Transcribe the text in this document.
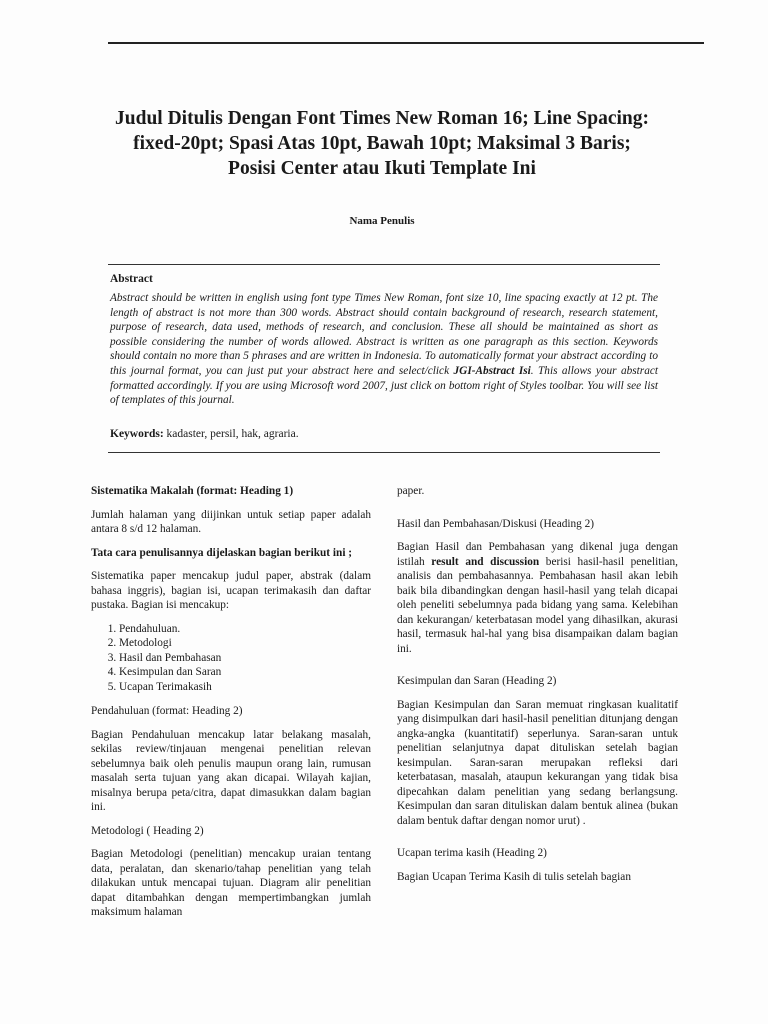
Judul Ditulis Dengan Font Times New Roman 16; Line Spacing: fixed-20pt; Spasi Atas 10pt, Bawah 10pt; Maksimal 3 Baris; Posisi Center atau Ikuti Template Ini
Nama Penulis
Abstract
Abstract should be written in english using font type Times New Roman, font size 10, line spacing exactly at 12 pt. The length of abstract is not more than 300 words. Abstract should contain background of research, research statement, purpose of research, data used, methods of research, and conclusion. These all should be maintained as short as possible considering the number of words allowed. Abstract is written as one paragraph as this section. Keywords should contain no more than 5 phrases and are written in Indonesia. To automatically format your abstract according to this journal format, you can just put your abstract here and select/click JGI-Abstract Isi. This allows your abstract formatted accordingly. If you are using Microsoft word 2007, just click on bottom right of Styles toolbar. You will see list of templates of this journal.
Keywords: kadaster, persil, hak, agraria.

Sistematika Makalah (format: Heading 1)

Jumlah halaman yang diijinkan untuk setiap paper adalah antara 8 s/d 12 halaman.

Tata cara penulisannya dijelaskan bagian berikut ini ;

Sistematika paper mencakup judul paper, abstrak (dalam bahasa inggris), bagian isi, ucapan terimakasih dan daftar pustaka. Bagian isi mencakup:

1. Pendahuluan.
2. Metodologi
3. Hasil dan Pembahasan
4. Kesimpulan dan Saran
5. Ucapan Terimakasih

Pendahuluan (format: Heading 2)

Bagian Pendahuluan mencakup latar belakang masalah, sekilas review/tinjauan mengenai penelitian relevan sebelumnya baik oleh penulis maupun orang lain, rumusan masalah serta tujuan yang akan dicapai. Wilayah kajian, misalnya berupa peta/citra, dapat dimasukkan dalam bagian ini.

Metodologi ( Heading 2)

Bagian Metodologi (penelitian) mencakup uraian tentang data, peralatan, dan skenario/tahap penelitian yang telah dilakukan untuk mencapai tujuan. Diagram alir penelitian dapat ditambahkan dengan mempertimbangkan jumlah maksimum halaman

paper.

Hasil dan Pembahasan/Diskusi (Heading 2)

Bagian Hasil dan Pembahasan yang dikenal juga dengan istilah result and discussion berisi hasil-hasil penelitian, analisis dan pembahasannya. Pembahasan hasil akan lebih baik bila dibandingkan dengan hasil-hasil yang telah dicapai oleh peneliti sebelumnya pada bidang yang sama. Kelebihan dan kekurangan/ keterbatasan model yang dihasilkan, akurasi hasil, termasuk hal-hal yang bisa disampaikan dalam bagian ini.

Kesimpulan dan Saran (Heading 2)

Bagian Kesimpulan dan Saran memuat ringkasan kualitatif yang disimpulkan dari hasil-hasil penelitian ditunjang dengan angka-angka (kuantitatif) seperlunya. Saran-saran untuk penelitian selanjutnya dapat dituliskan setelah bagian kesimpulan. Saran-saran merupakan refleksi dari keterbatasan, masalah, ataupun kekurangan yang tidak bisa dipecahkan dalam penelitian yang sedang berlangsung. Kesimpulan dan saran dituliskan dalam bentuk alinea (bukan dalam bentuk daftar dengan nomor urut) .

Ucapan terima kasih (Heading 2)

Bagian Ucapan Terima Kasih di tulis setelah bagian
